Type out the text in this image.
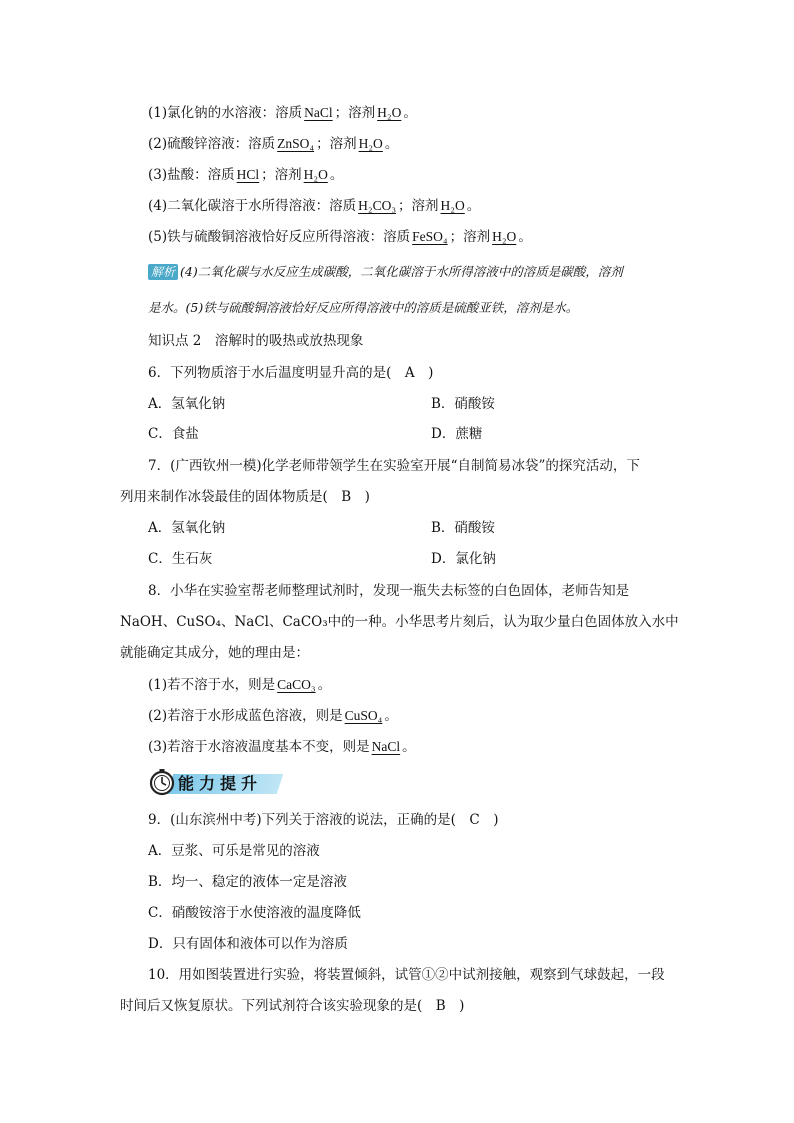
(1)氯化钠的水溶液：溶质 NaCl ；溶剂 H₂O 。
(2)硫酸锌溶液：溶质 ZnSO₄ ；溶剂 H₂O 。
(3)盐酸：溶质 HCl ；溶剂 H₂O 。
(4)二氧化碳溶于水所得溶液：溶质 H₂CO₃ ；溶剂 H₂O 。
(5)铁与硫酸铜溶液恰好反应所得溶液：溶质 FeSO₄ ；溶剂 H₂O 。
解析 (4)二氧化碳与水反应生成碳酸，二氧化碳溶于水所得溶液中的溶质是碳酸，溶剂
是水。(5)铁与硫酸铜溶液恰好反应所得溶液中的溶质是硫酸亚铁，溶剂是水。
知识点 2　溶解时的吸热或放热现象
6．下列物质溶于水后温度明显升高的是(　A　)
A．氢氧化钠	B．硝酸铵
C．食盐	D．蔗糖
7．(广西钦州一模)化学老师带领学生在实验室开展“自制简易冰袋”的探究活动，下
列用来制作冰袋最佳的固体物质是(　B　)
A．氢氧化钠	B．硝酸铵
C．生石灰	D．氯化钠
8．小华在实验室帮老师整理试剂时，发现一瓶失去标签的白色固体，老师告知是
NaOH、CuSO₄、NaCl、CaCO₃中的一种。小华思考片刻后，认为取少量白色固体放入水中
就能确定其成分，她的理由是：
(1)若不溶于水，则是 CaCO₃ 。
(2)若溶于水形成蓝色溶液，则是 CuSO₄ 。
(3)若溶于水溶液温度基本不变，则是 NaCl 。
能力提升
9．(山东滨州中考)下列关于溶液的说法，正确的是(　C　)
A．豆浆、可乐是常见的溶液
B．均一、稳定的液体一定是溶液
C．硝酸铵溶于水使溶液的温度降低
D．只有固体和液体可以作为溶质
10．用如图装置进行实验，将装置倾斜，试管①②中试剂接触，观察到气球鼓起，一段
时间后又恢复原状。下列试剂符合该实验现象的是(　B　)
